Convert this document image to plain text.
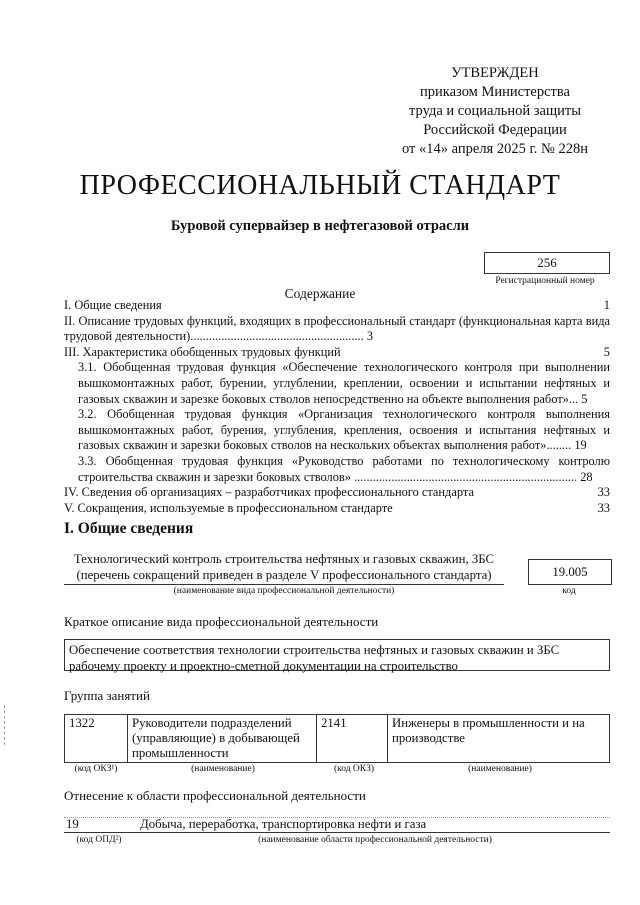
УТВЕРЖДЕН
приказом Министерства
труда и социальной защиты
Российской Федерации
от «14» апреля 2025 г. № 228н
ПРОФЕССИОНАЛЬНЫЙ СТАНДАРТ
Буровой супервайзер в нефтегазовой отрасли
256
Регистрационный номер
Содержание
I. Общие сведения	1
.....
II. Описание трудовых функций, входящих в профессиональный стандарт (функциональная карта вида трудовой деятельности)........................................................ 3
III. Характеристика обобщенных трудовых функций	5
.....
3.1. Обобщенная трудовая функция «Обеспечение технологического контроля при выполнении вышкомонтажных работ, бурении, углублении, креплении, освоении и испытании нефтяных и газовых скважин и зарезке боковых стволов непосредственно на объекте выполнения работ»... 5
3.2. Обобщенная трудовая функция «Организация технологического контроля выполнения вышкомонтажных работ, бурения, углубления, крепления, освоения и испытания нефтяных и газовых скважин и зарезки боковых стволов на нескольких объектах выполнения работ»........ 19
3.3. Обобщенная трудовая функция «Руководство работами по технологическому контролю строительства скважин и зарезки боковых стволов» ........................................................................ 28
IV. Сведения об организациях – разработчиках профессионального стандарта	33
.....
V. Сокращения, используемые в профессиональном стандарте	33
.....
I. Общие сведения
Технологический контроль строительства нефтяных и газовых скважин, ЗБС
(перечень сокращений приведен в разделе V профессионального стандарта)
(наименование вида профессиональной деятельности)
19.005
код
Краткое описание вида профессиональной деятельности
Обеспечение соответствия технологии строительства нефтяных и газовых скважин и ЗБС
рабочему проекту и проектно-сметной документации на строительство
Группа занятий
1322	Руководители подразделений (управляющие) в добывающей промышленности	2141	Инженеры в промышленности и на производстве
(код ОКЗ¹)	(наименование)	(код ОКЗ)	(наименование)
Отнесение к области профессиональной деятельности
19	Добыча, переработка, транспортировка нефти и газа
(код ОПД²)	(наименование области профессиональной деятельности)
